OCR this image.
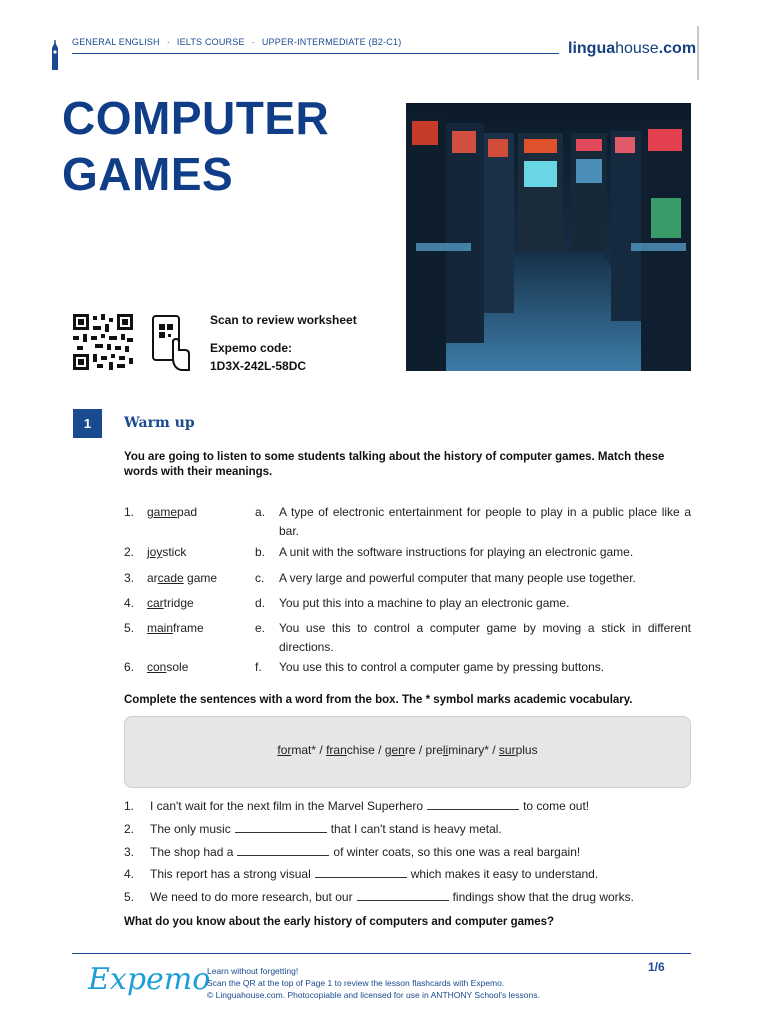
GENERAL ENGLISH · IELTS COURSE · UPPER-INTERMEDIATE (B2-C1)	linguahouse.com
COMPUTER
GAMES
Scan to review worksheet
Expemo code:
1D3X-242L-58DC
1	Warm up
You are going to listen to some students talking about the history of computer games. Match these words with their meanings.
1. gamepad	a. A type of electronic entertainment for people to play in a public place like a bar.
2. joystick	b. A unit with the software instructions for playing an electronic game.
3. arcade game	c. A very large and powerful computer that many people use together.
4. cartridge	d. You put this into a machine to play an electronic game.
5. mainframe	e. You use this to control a computer game by moving a stick in different directions.
6. console	f. You use this to control a computer game by pressing buttons.
Complete the sentences with a word from the box. The * symbol marks academic vocabulary.
format* / franchise / genre / preliminary* / surplus
1. I can't wait for the next film in the Marvel Superhero	to come out!
2. The only music	that I can't stand is heavy metal.
3. The shop had a	of winter coats, so this one was a real bargain!
4. This report has a strong visual	which makes it easy to understand.
5. We need to do more research, but our	findings show that the drug works.
What do you know about the early history of computers and computer games?
Expemo
Learn without forgetting!
Scan the QR at the top of Page 1 to review the lesson flashcards with Expemo.
© Linguahouse.com. Photocopiable and licensed for use in ANTHONY School's lessons.
1/6
